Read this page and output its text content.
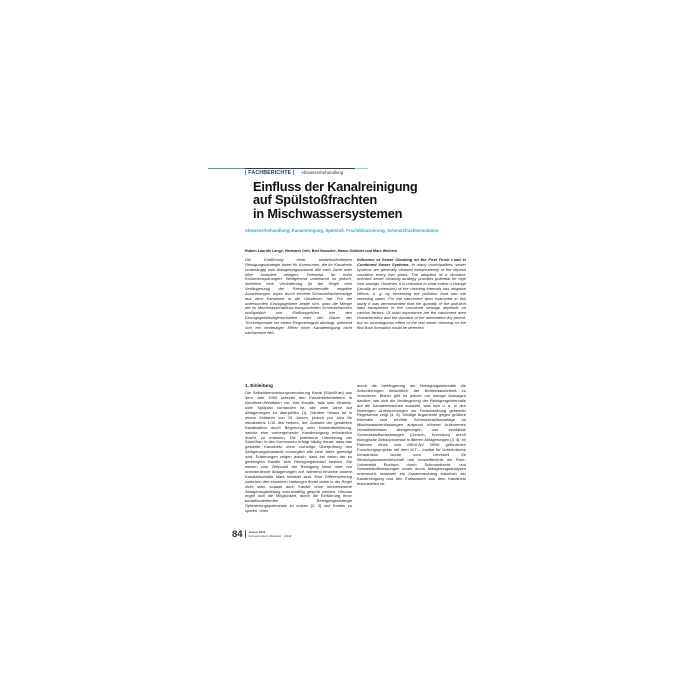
| FACHBERICHTE | Abwasserbehandlung
Einfluss der Kanalreinigung
auf Spülstoßfrachten
in Mischwassersystemen
Abwasserbehandlung, Kanalreinigung, Spülstoß, Frachtbilanzierung, Schmutzfrachtsimulation
Ruben-Laurids Lange, Hermann Orth, Bert Bosseler, Marco Schlüter und Marc Wichern

Die Einführung einer bedarfsorientierten Reinigungsstrategie bietet für Kommunen, die ihr Kanalnetz unabhängig vom Ablagerungszustand alle zwei Jahre oder öfter komplett reinigen, Potenzial für hohe Kosteneinsparungen. Weitgehend unbekannt ist jedoch, inwiefern eine Veränderung (in der Regel eine Verlängerung) der Reinigungsintervalle negative Auswirkungen, bspw. durch erhöhte Schmutzfrachteinträge aus dem Kanalnetz in die Gewässer, hat. Für die untersuchten Einzugsgebiete zeigte sich, dass die Menge der im Mischwasserabfluss transportierten Schmutzfrachten maßgeblich von Einflussgrößen wie den Einzugsgebietseigenschaften oder der Dauer der Trockenperiode vor einem Regenereignis abhängt, während sich ein eindeutiger Effekt einer Kanalreinigung nicht nachweisen ließ.

Influence of Sewer Cleaning on the First Flush Load in Combined Sewer Systems. In many municipalities, sewer systems are generally cleaned independently of the deposit condition every two years. The adoption of a demand-oriented sewer cleaning strategy provides potential for high cost savings. However, it is unknown to what extent a change (usually an extension) of the cleaning intervals has negative effects, e. g. by increasing the pollution load into the receiving water. For the catchment area examined in this study it was demonstrated that the quantity of the pollution load transported in the combined sewage depends on various factors. Of main importance are the catchment area characteristics and the duration of the antecedent dry period, but no unambiguous effect of the last sewer cleaning on the first flush formation could be detected.

1. Einleitung

Die Selbstüberwachungsverordnung Kanal (SüwVKan) aus dem Jahr 1995 schreibt den Kanalnetzbetreibern in Nordrhein-Westfalen vor, ihre Kanäle, falls kein Hinweis- oder Spülplan vorhanden ist, alle zwei Jahre auf Ablagerungen zu überprüfen [1]. Darüber hinaus ist in einem Zeitraum von 15 Jahren, jedoch pro Jahr für mindestens 1/15 des Netzes, der Zustand der gesamten Kanalisation durch Begehung oder Kamerabefahrung, welche eine vorhergehende Kanalreinigung erforderlich macht, zu erfassen. Die praktische Umsetzung der SüwVKan in den Kommunen erfolgt häufig derart, dass das gesamte Kanalnetz ohne vorherige Überprüfung des Ablagerungszustands vorsorglich alle zwei Jahre gereinigt wird. Erfahrungen zeigen jedoch, dass bei vielen der so gereinigten Kanäle kein Reinigungsbedarf besteht. Sie weisen zum Zeitpunkt der Reinigung keine oder nur unbedeutende Ablagerungen auf, während einzelne andere Kanalabschnitte stark belastet sind. Eine Differenzierung zwischen den einzelnen Haltungen findet dabei in der Regel nicht statt, sodass auch Kanäle ohne nennenswerte Ablagerungsbildung turnusmäßig gespült werden. Hieraus ergibt sich die Möglichkeit, durch die Einführung einer bedarfsorientierten Reinigungsstrategie Optimierungspotenziale zu nutzen [2, 3] und Kosten zu sparen, ohne

durch die Verlängerung der Reinigungsintervalle die Anforderungen hinsichtlich der Betriebssicherheit zu reduzieren. Bisher gibt es jedoch nur wenige Aussagen darüber, wie sich die Verlängerung der Reinigungsintervalle auf die Kanalemissionen auswirkt, was sich u. a. in den bisherigen Untersuchungen zur Fortschreibung geltender Regelwerke zeigt [4, 5]. Häufige Argumente gegen größere Intervalle sind erhöhte Schmutzfrachtausträge an Mischwasserentlastungen aufgrund höherer Aufkommen remobilisierbarer Ablagerungen und verstärkte Schmutzstoffumsetzungen (Geruch, Korrosion) durch biologische Abbauprozesse in älteren Ablagerungen [3, 4]. Im Rahmen eines vom MKULNV NRW geförderten Forschungsprojekts mit dem IKT – Institut für Unterirdische Infrastruktur wurde vom Lehrstuhl für Siedlungswasserwirtschaft und Umwelttechnik der Ruhr-Universität Bochum durch Schmutzfracht- und Schwebstoffmessungen sowie durch Ablagerungsanalysen untersucht, inwieweit ein Zusammenhang zwischen der Kanalreinigung und den Emissionen aus dem Kanalnetz festzustellen ist.

84 Januar 2019
Korrespondenz Abwasser · Abfall
